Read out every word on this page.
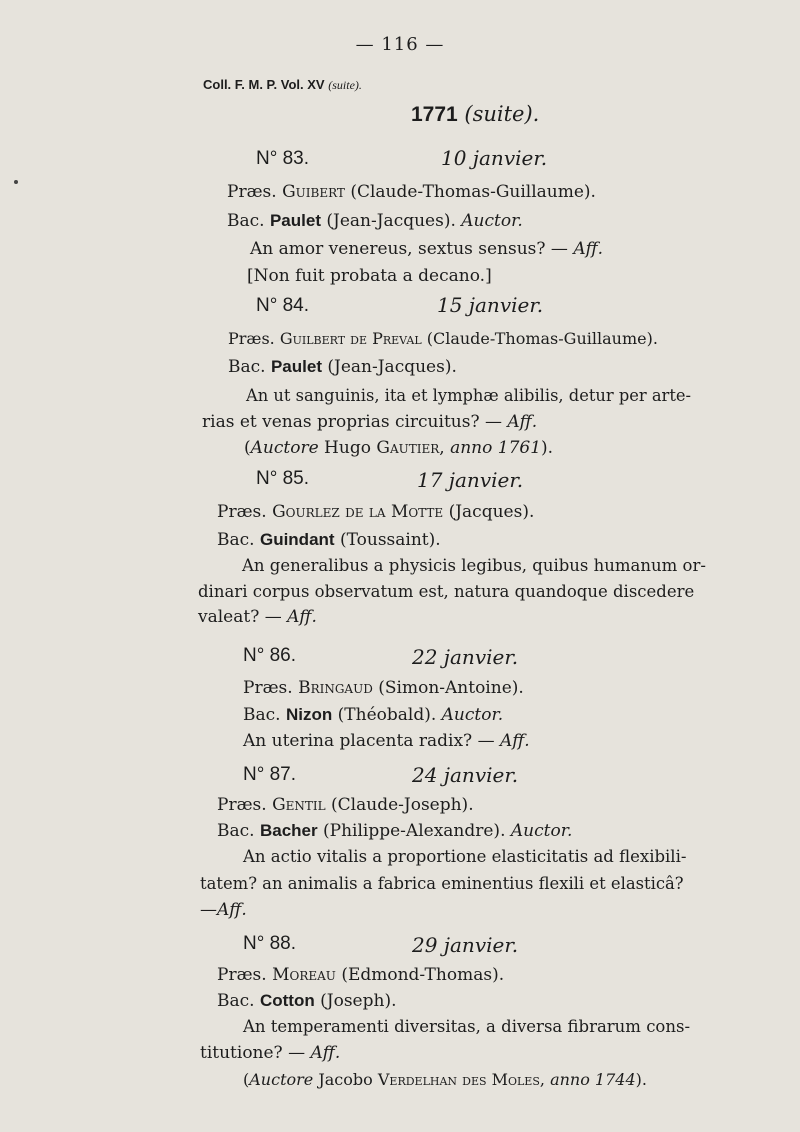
— 116 —
Coll. F. M. P. Vol. XV (suite).
1771 (suite).
N° 83.	10 janvier.
Præs. Guibert (Claude-Thomas-Guillaume).
Bac. Paulet (Jean-Jacques). Auctor.
An amor venereus, sextus sensus? — Aff.
[Non fuit probata a decano.]
N° 84.	15 janvier.
Præs. Guilbert de Preval (Claude-Thomas-Guillaume).
Bac. Paulet (Jean-Jacques).
An ut sanguinis, ita et lymphæ alibilis, detur per arte-
rias et venas proprias circuitus? — Aff.
(Auctore Hugo Gautier, anno 1761).
N° 85.	17 janvier.
Præs. Gourlez de la Motte (Jacques).
Bac. Guindant (Toussaint).
An generalibus a physicis legibus, quibus humanum or-
dinari corpus observatum est, natura quandoque discedere
valeat? — Aff.
N° 86.	22 janvier.
Præs. Bringaud (Simon-Antoine).
Bac. Nizon (Théobald). Auctor.
An uterina placenta radix? — Aff.
N° 87.	24 janvier.
Præs. Gentil (Claude-Joseph).
Bac. Bacher (Philippe-Alexandre). Auctor.
An actio vitalis a proportione elasticitatis ad flexibili-
tatem? an animalis a fabrica eminentius flexili et elasticâ?
—Aff.
N° 88.	29 janvier.
Præs. Moreau (Edmond-Thomas).
Bac. Cotton (Joseph).
An temperamenti diversitas, a diversa fibrarum cons-
titutione? — Aff.
(Auctore Jacobo Verdelhan des Moles, anno 1744).
